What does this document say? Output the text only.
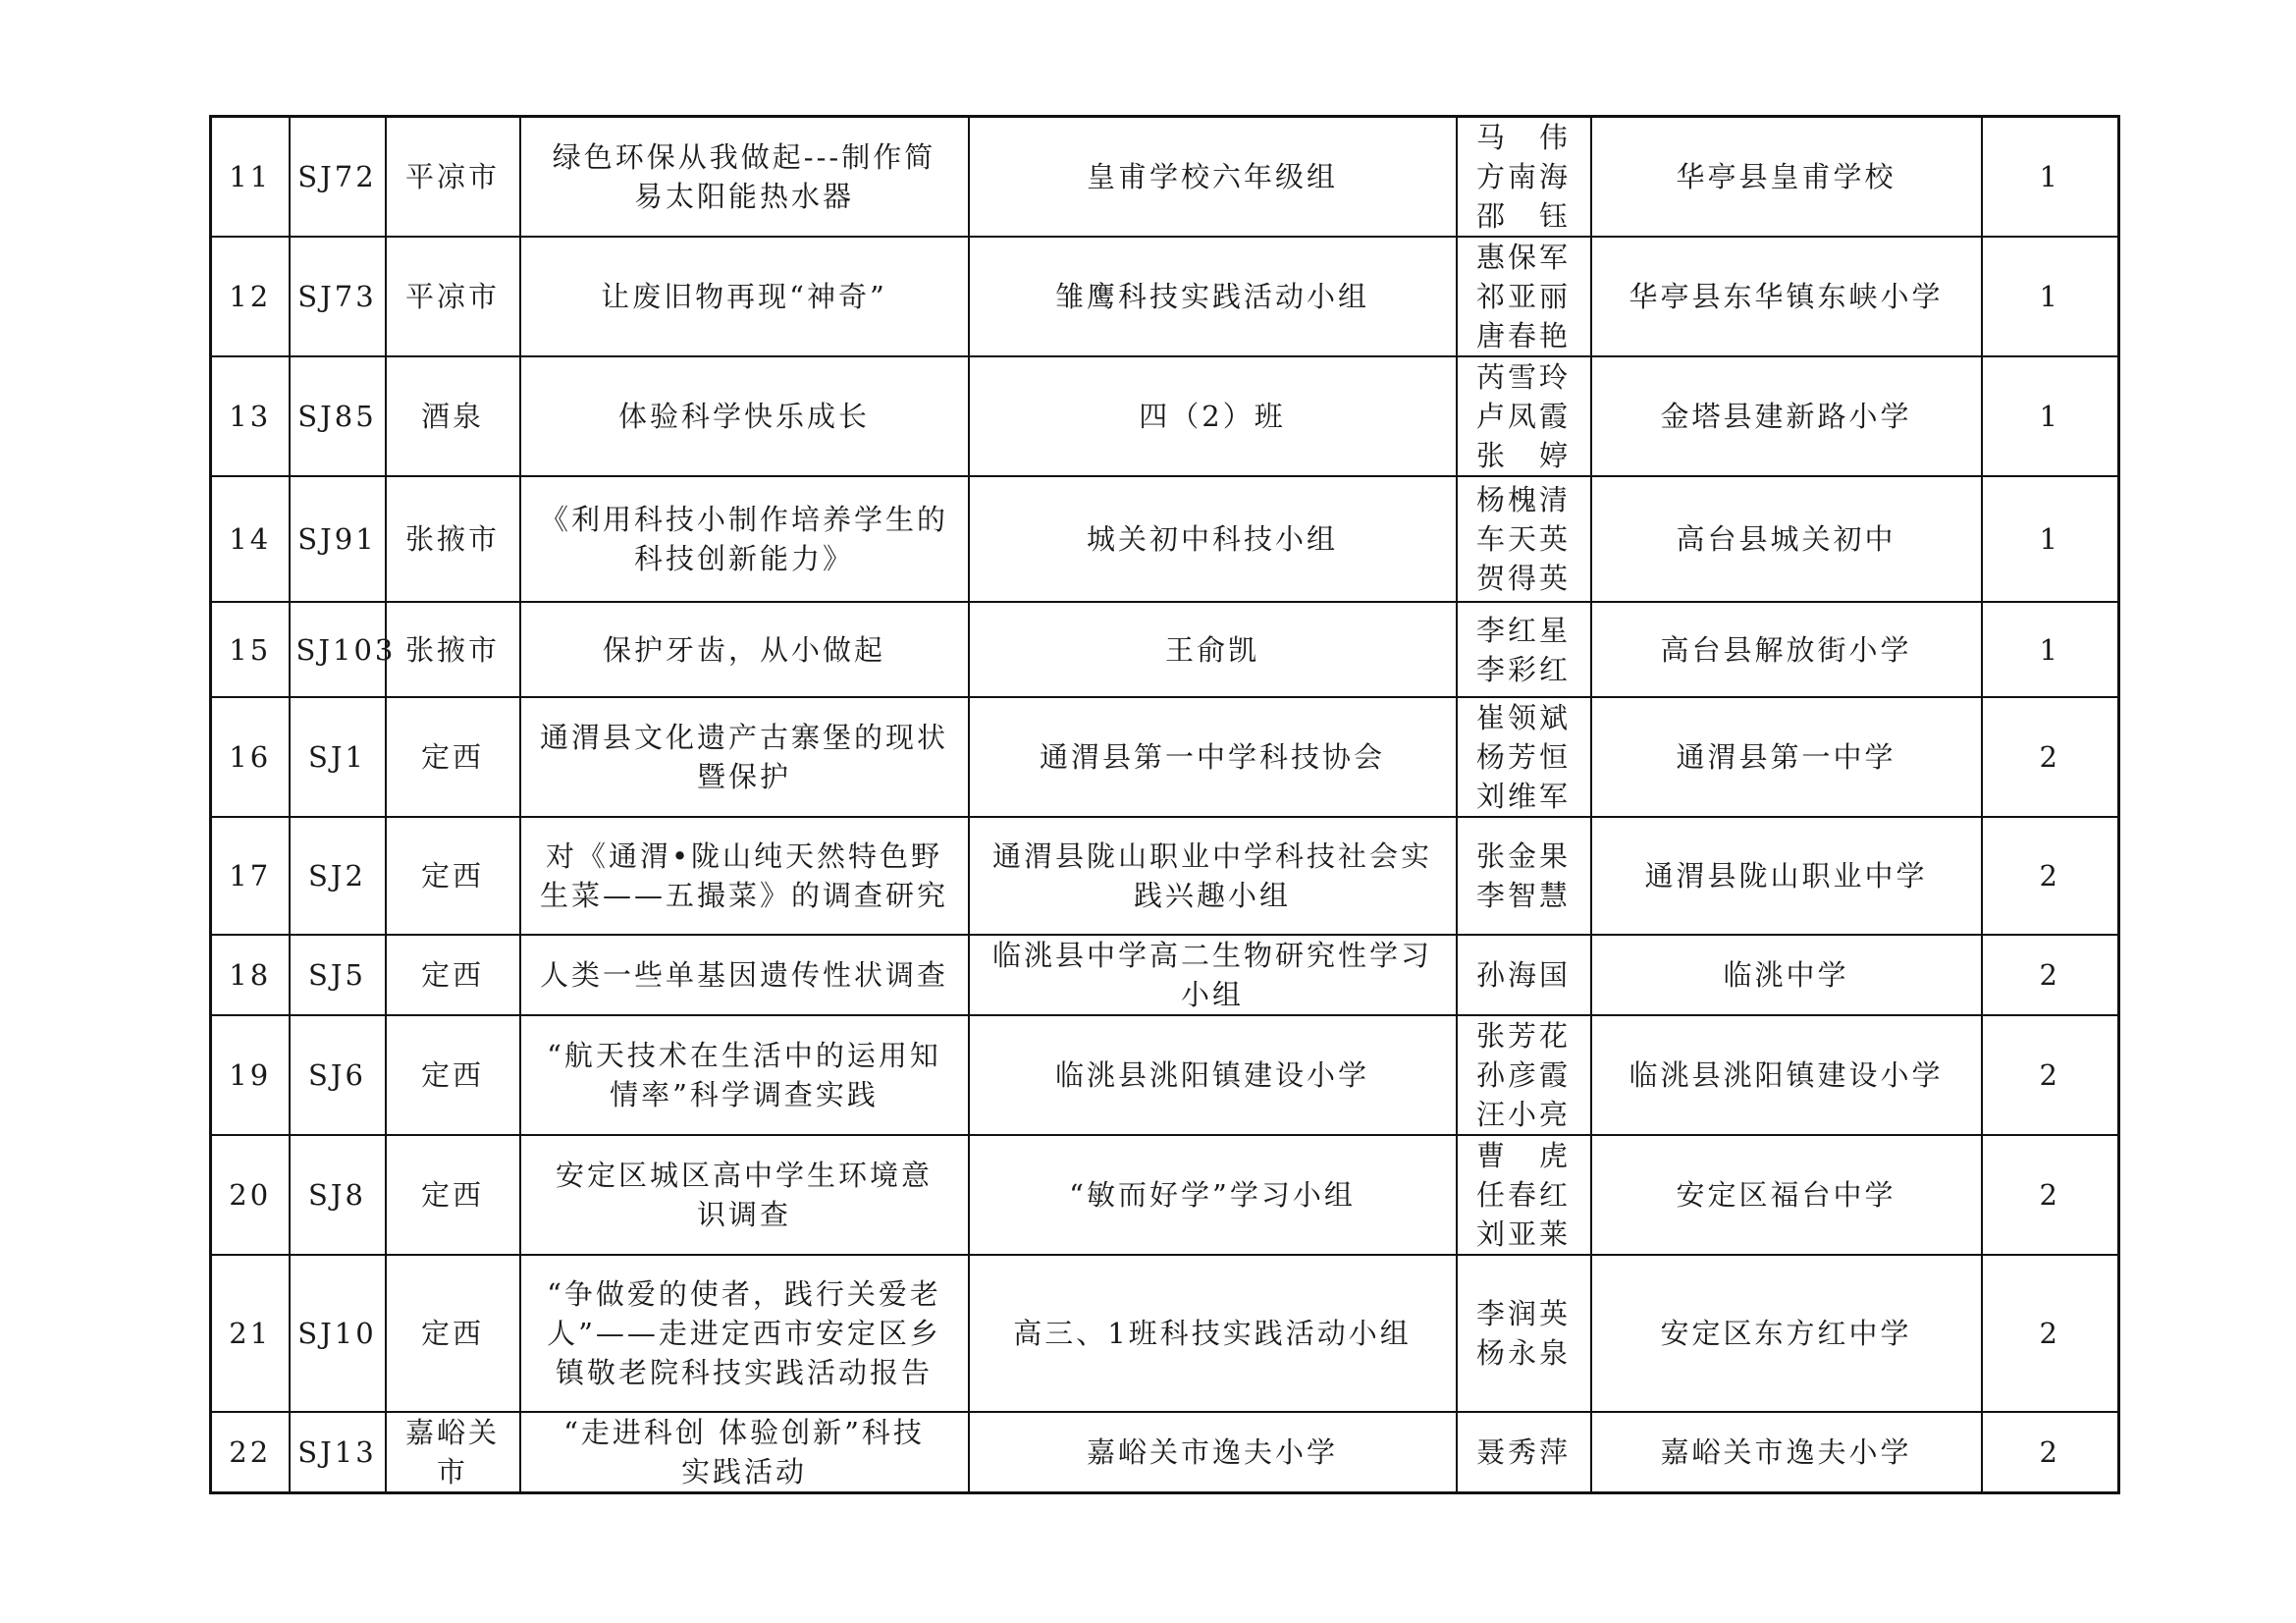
11	SJ72	平凉市	绿色环保从我做起---制作简
易太阳能热水器	皇甫学校六年级组	马　伟
方南海
邵　钰	华亭县皇甫学校	1
12	SJ73	平凉市	让废旧物再现“神奇”	雏鹰科技实践活动小组	惠保军
祁亚丽
唐春艳	华亭县东华镇东峡小学	1
13	SJ85	酒泉	体验科学快乐成长	四（2）班	芮雪玲
卢凤霞
张　婷	金塔县建新路小学	1
14	SJ91	张掖市	《利用科技小制作培养学生的
科技创新能力》	城关初中科技小组	杨槐清
车天英
贺得英	高台县城关初中	1
15	SJ103	张掖市	保护牙齿，从小做起	王俞凯	李红星
李彩红	高台县解放街小学	1
16	SJ1	定西	通渭县文化遗产古寨堡的现状
暨保护	通渭县第一中学科技协会	崔领斌
杨芳恒
刘维军	通渭县第一中学	2
17	SJ2	定西	对《通渭•陇山纯天然特色野
生菜——五撮菜》的调查研究	通渭县陇山职业中学科技社会实
践兴趣小组	张金果
李智慧	通渭县陇山职业中学	2
18	SJ5	定西	人类一些单基因遗传性状调查	临洮县中学高二生物研究性学习
小组	孙海国	临洮中学	2
19	SJ6	定西	“航天技术在生活中的运用知
情率”科学调查实践	临洮县洮阳镇建设小学	张芳花
孙彦霞
汪小亮	临洮县洮阳镇建设小学	2
20	SJ8	定西	安定区城区高中学生环境意
识调查	“敏而好学”学习小组	曹　虎
任春红
刘亚莱	安定区福台中学	2
21	SJ10	定西	“争做爱的使者，践行关爱老
人”——走进定西市安定区乡
镇敬老院科技实践活动报告	高三、1班科技实践活动小组	李润英
杨永泉	安定区东方红中学	2
22	SJ13	嘉峪关市	“走进科创 体验创新”科技
实践活动	嘉峪关市逸夫小学	聂秀萍	嘉峪关市逸夫小学	2
